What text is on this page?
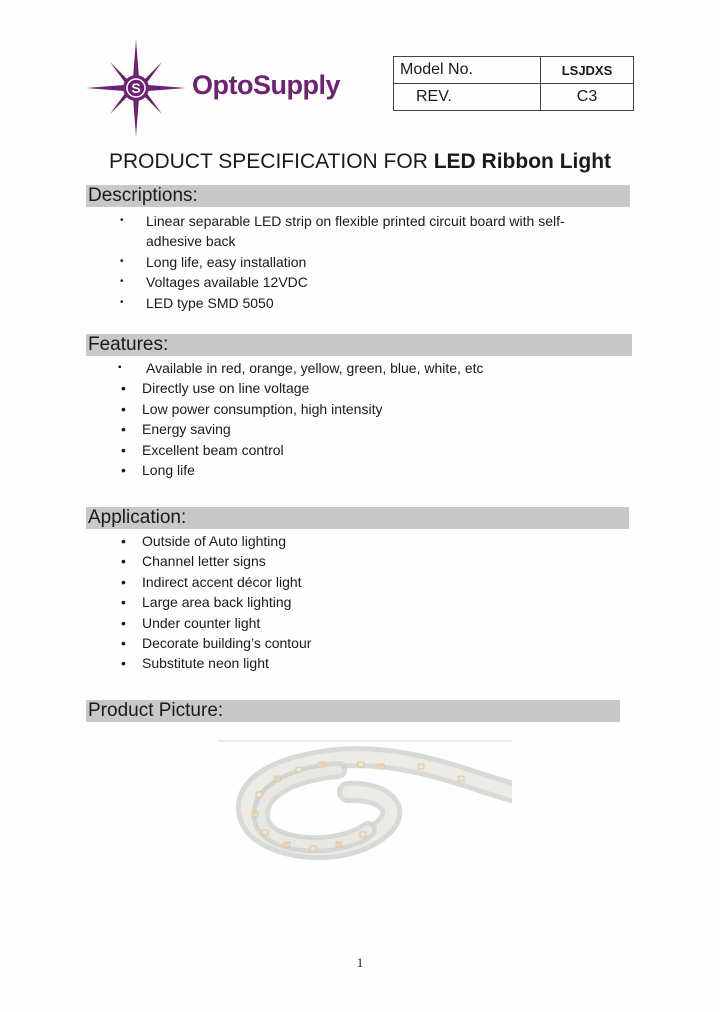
S OptoSupply
Model No.	LSJDXS
REV.	C3
PRODUCT SPECIFICATION FOR LED Ribbon Light
Descriptions:
• Linear separable LED strip on flexible printed circuit board with self-
adhesive back
• Long life, easy installation
• Voltages available 12VDC
• LED type SMD 5050
Features:
▪ Available in red, orange, yellow, green, blue, white, etc
• Directly use on line voltage
• Low power consumption, high intensity
• Energy saving
• Excellent beam control
• Long life
Application:
• Outside of Auto lighting
• Channel letter signs
• Indirect accent décor light
• Large area back lighting
• Under counter light
• Decorate building’s contour
• Substitute neon light
Product Picture:
1
